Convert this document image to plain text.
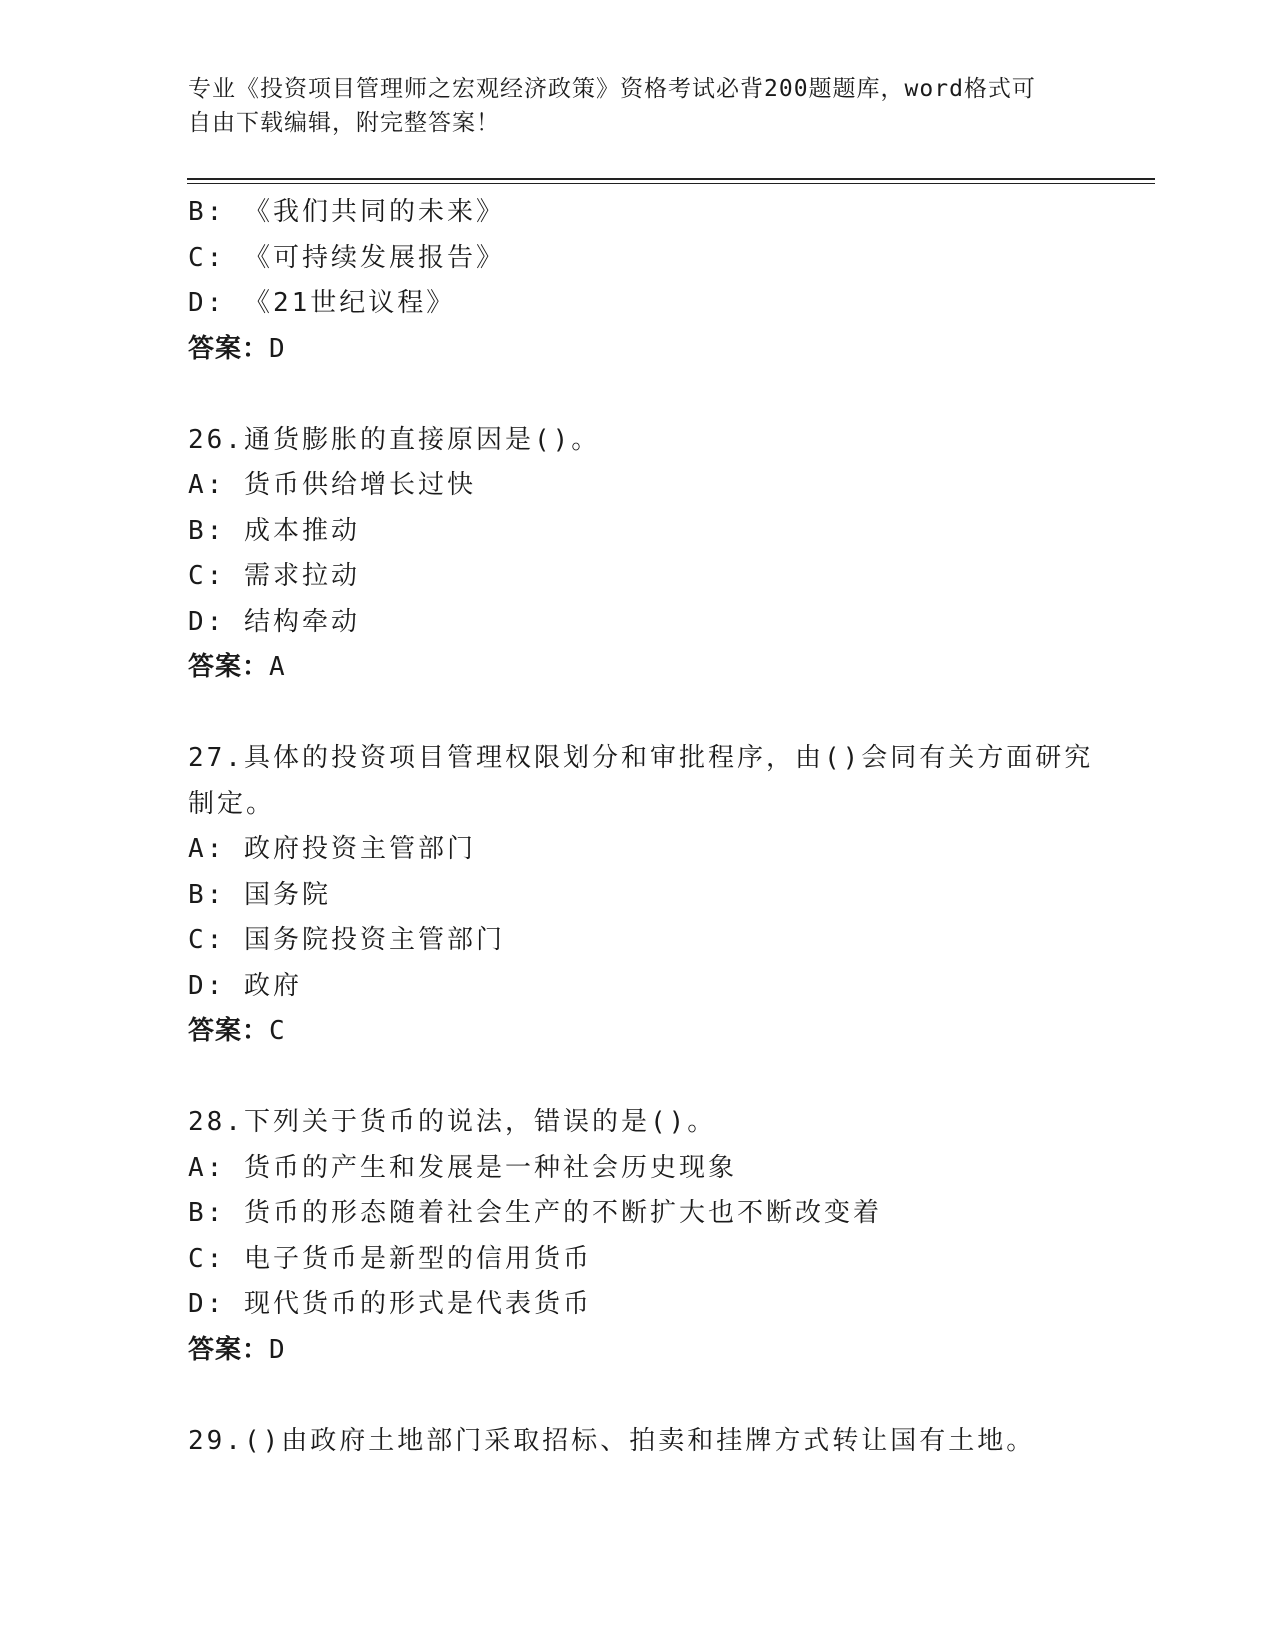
专业《投资项目管理师之宏观经济政策》资格考试必背200题题库，word格式可
自由下载编辑，附完整答案！
B: 《我们共同的未来》
C: 《可持续发展报告》
D: 《21世纪议程》
答案：D
26.通货膨胀的直接原因是()。
A: 货币供给增长过快
B: 成本推动
C: 需求拉动
D: 结构牵动
答案：A
27.具体的投资项目管理权限划分和审批程序，由()会同有关方面研究
制定。
A: 政府投资主管部门
B: 国务院
C: 国务院投资主管部门
D: 政府
答案：C
28.下列关于货币的说法，错误的是()。
A: 货币的产生和发展是一种社会历史现象
B: 货币的形态随着社会生产的不断扩大也不断改变着
C: 电子货币是新型的信用货币
D: 现代货币的形式是代表货币
答案：D
29.()由政府土地部门采取招标、拍卖和挂牌方式转让国有土地。
